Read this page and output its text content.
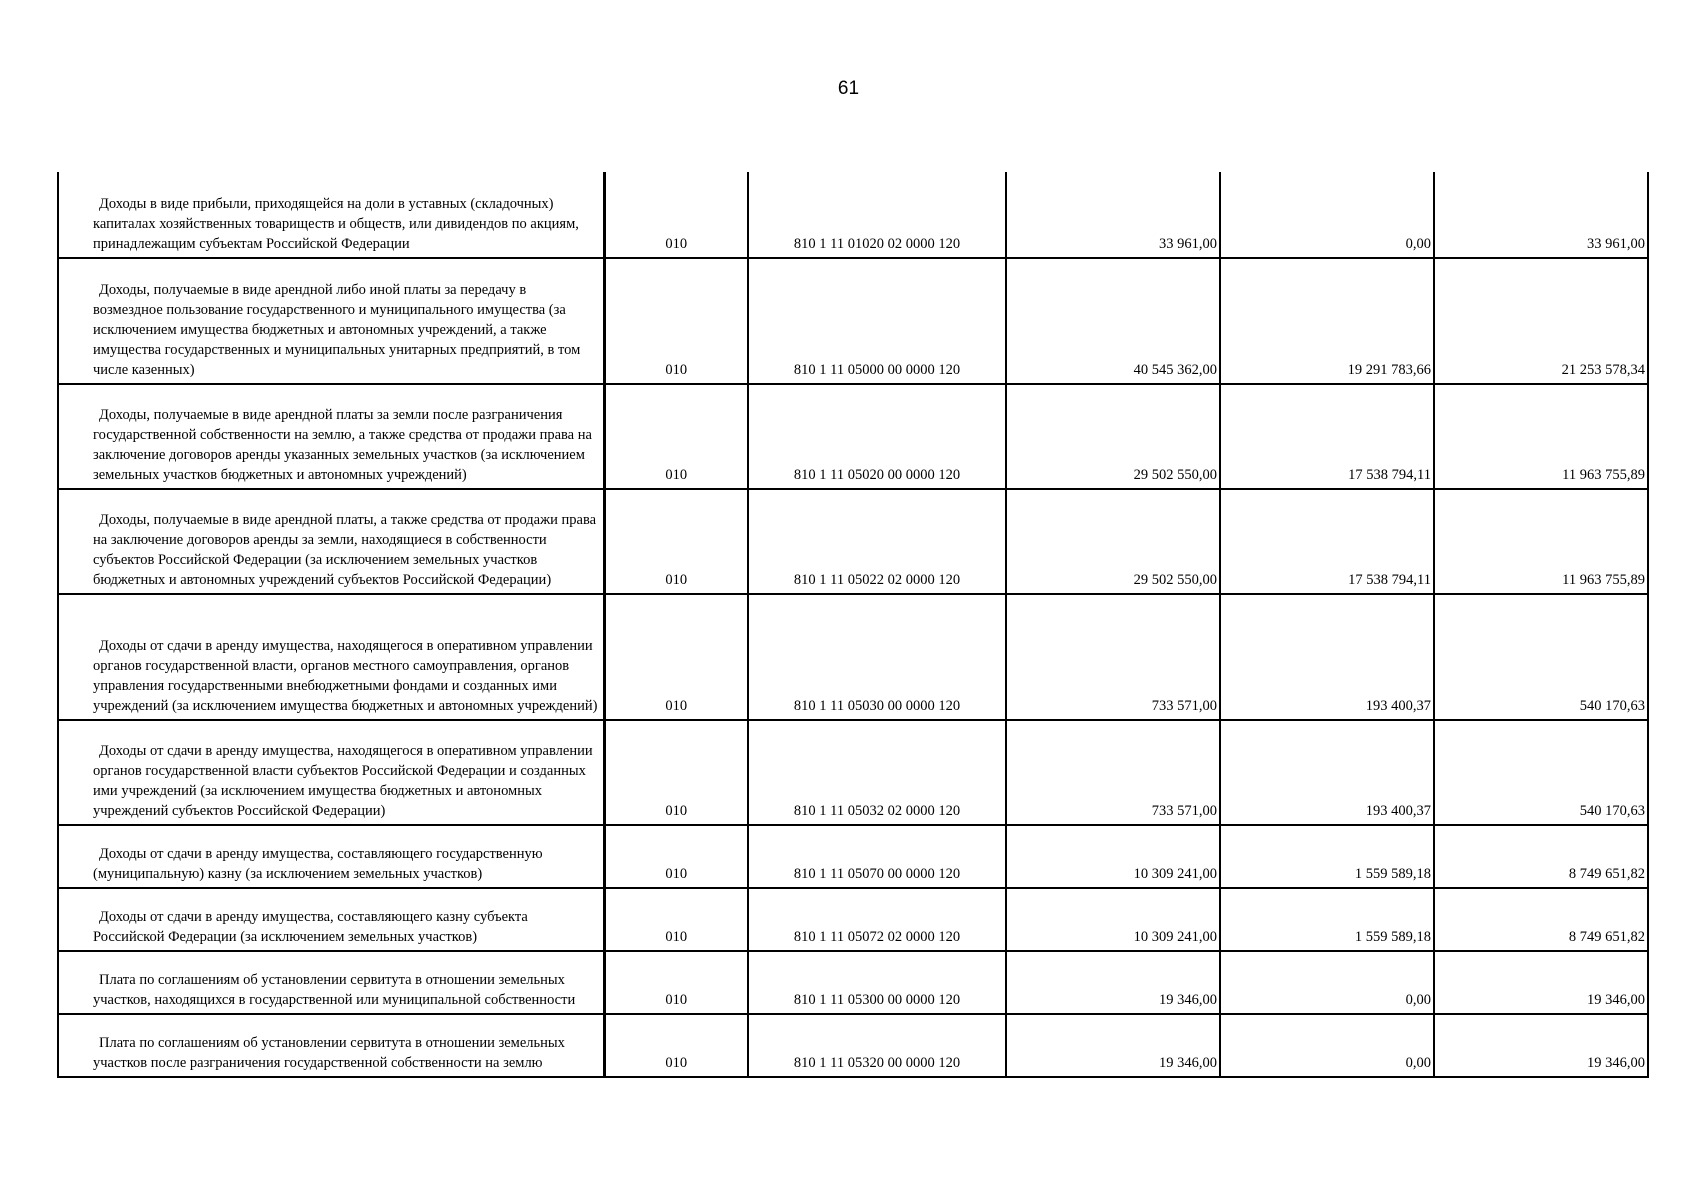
61
Доходы в виде прибыли, приходящейся на доли в уставных (складочных) капиталах хозяйственных товариществ и обществ, или дивидендов по акциям, принадлежащим субъектам Российской Федерации	010	810 1 11 01020 02 0000 120	33 961,00	0,00	33 961,00
Доходы, получаемые в виде арендной либо иной платы за передачу в возмездное пользование государственного и муниципального имущества (за исключением имущества бюджетных и автономных учреждений, а также имущества государственных и муниципальных унитарных предприятий, в том числе казенных)	010	810 1 11 05000 00 0000 120	40 545 362,00	19 291 783,66	21 253 578,34
Доходы, получаемые в виде арендной платы за земли после разграничения государственной собственности на землю, а также средства от продажи права на заключение договоров аренды указанных земельных участков (за исключением земельных участков бюджетных и автономных учреждений)	010	810 1 11 05020 00 0000 120	29 502 550,00	17 538 794,11	11 963 755,89
Доходы, получаемые в виде арендной платы, а также средства от продажи права на заключение договоров аренды за земли, находящиеся в собственности субъектов Российской Федерации (за исключением земельных участков бюджетных и автономных учреждений субъектов Российской Федерации)	010	810 1 11 05022 02 0000 120	29 502 550,00	17 538 794,11	11 963 755,89
Доходы от сдачи в аренду имущества, находящегося в оперативном управлении органов государственной власти, органов местного самоуправления, органов управления государственными внебюджетными фондами и созданных ими учреждений (за исключением имущества бюджетных и автономных учреждений)	010	810 1 11 05030 00 0000 120	733 571,00	193 400,37	540 170,63
Доходы от сдачи в аренду имущества, находящегося в оперативном управлении органов государственной власти субъектов Российской Федерации и созданных ими учреждений (за исключением имущества бюджетных и автономных учреждений субъектов Российской Федерации)	010	810 1 11 05032 02 0000 120	733 571,00	193 400,37	540 170,63
Доходы от сдачи в аренду имущества, составляющего государственную (муниципальную) казну (за исключением земельных участков)	010	810 1 11 05070 00 0000 120	10 309 241,00	1 559 589,18	8 749 651,82
Доходы от сдачи в аренду имущества, составляющего казну субъекта Российской Федерации (за исключением земельных участков)	010	810 1 11 05072 02 0000 120	10 309 241,00	1 559 589,18	8 749 651,82
Плата по соглашениям об установлении сервитута в отношении земельных участков, находящихся в государственной или муниципальной собственности	010	810 1 11 05300 00 0000 120	19 346,00	0,00	19 346,00
Плата по соглашениям об установлении сервитута в отношении земельных участков после разграничения государственной собственности на землю	010	810 1 11 05320 00 0000 120	19 346,00	0,00	19 346,00
